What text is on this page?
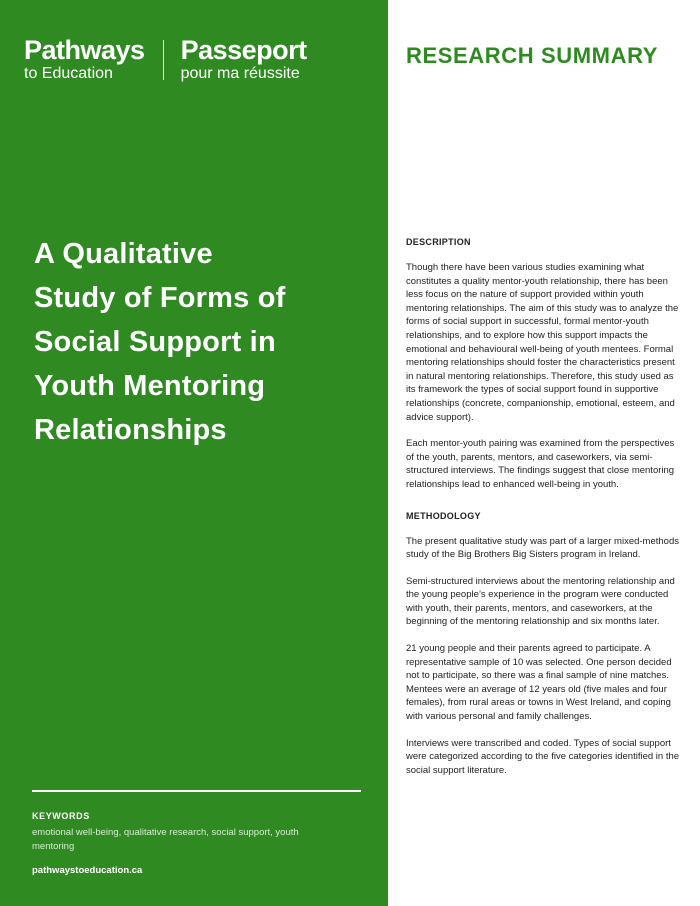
Pathways
to Education
Passeport
pour ma réussite
A Qualitative
Study of Forms of
Social Support in
Youth Mentoring
Relationships
KEYWORDS
emotional well-being, qualitative research, social support, youth mentoring
pathwaystoeducation.ca
RESEARCH SUMMARY
DESCRIPTION

Though there have been various studies examining what constitutes a quality mentor-youth relationship, there has been less focus on the nature of support provided within youth mentoring relationships. The aim of this study was to analyze the forms of social support in successful, formal mentor-youth relationships, and to explore how this support impacts the emotional and behavioural well-being of youth mentees. Formal mentoring relationships should foster the characteristics present in natural mentoring relationships. Therefore, this study used as its framework the types of social support found in supportive relationships (concrete, companionship, emotional, esteem, and advice support).

Each mentor-youth pairing was examined from the perspectives of the youth, parents, mentors, and caseworkers, via semi-structured interviews. The findings suggest that close mentoring relationships lead to enhanced well-being in youth.

METHODOLOGY

The present qualitative study was part of a larger mixed-methods study of the Big Brothers Big Sisters program in Ireland.

Semi-structured interviews about the mentoring relationship and the young people’s experience in the program were conducted with youth, their parents, mentors, and caseworkers, at the beginning of the mentoring relationship and six months later.

21 young people and their parents agreed to participate. A representative sample of 10 was selected. One person decided not to participate, so there was a final sample of nine matches. Mentees were an average of 12 years old (five males and four females), from rural areas or towns in West Ireland, and coping with various personal and family challenges.

Interviews were transcribed and coded. Types of social support were categorized according to the five categories identified in the social support literature.
